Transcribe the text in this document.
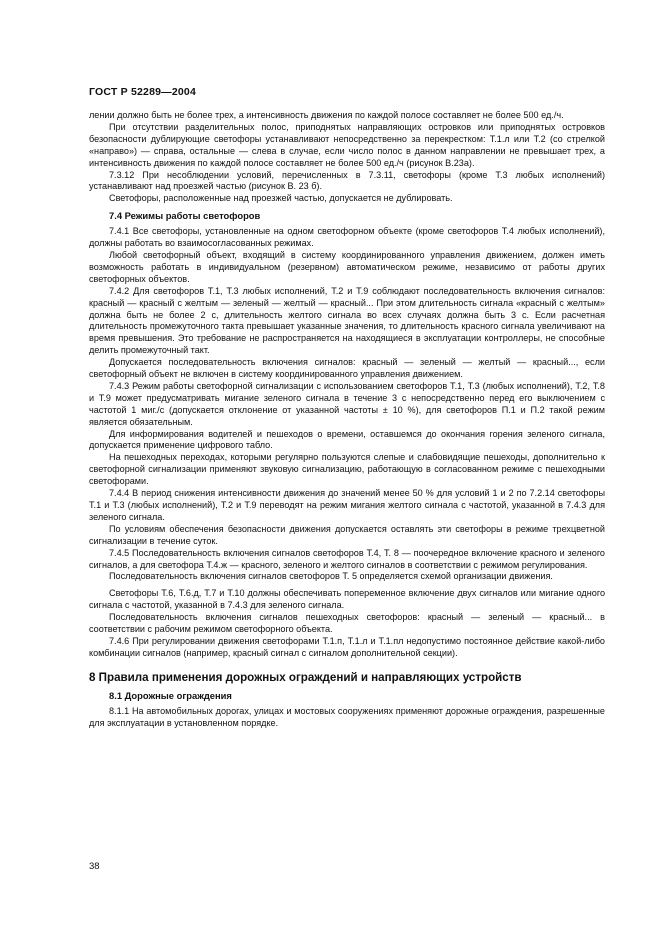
ГОСТ Р 52289—2004

лении должно быть не более трех, а интенсивность движения по каждой полосе составляет не более 500 ед./ч.

При отсутствии разделительных полос, приподнятых направляющих островков или приподнятых островков безопасности дублирующие светофоры устанавливают непосредственно за перекрестком: Т.1.л или Т.2 (со стрелкой «направо») — справа, остальные — слева в случае, если число полос в данном направлении не превышает трех, а интенсивность движения по каждой полосе составляет не более 500 ед./ч (рисунок В.23а).

7.3.12 При несоблюдении условий, перечисленных в 7.3.11, светофоры (кроме Т.3 любых исполнений) устанавливают над проезжей частью (рисунок В. 23 б).

Светофоры, расположенные над проезжей частью, допускается не дублировать.

7.4 Режимы работы светофоров

7.4.1 Все светофоры, установленные на одном светофорном объекте (кроме светофоров Т.4 любых исполнений), должны работать во взаимосогласованных режимах.

Любой светофорный объект, входящий в систему координированного управления движением, должен иметь возможность работать в индивидуальном (резервном) автоматическом режиме, независимо от работы других светофорных объектов.

7.4.2 Для светофоров Т.1, Т.3 любых исполнений, Т.2 и Т.9 соблюдают последовательность включения сигналов: красный — красный с желтым — зеленый — желтый — красный... При этом длительность сигнала «красный с желтым» должна быть не более 2 с, длительность желтого сигнала во всех случаях должна быть 3 с. Если расчетная длительность промежуточного такта превышает указанные значения, то длительность красного сигнала увеличивают на время превышения. Это требование не распространяется на находящиеся в эксплуатации контроллеры, не способные делить промежуточный такт.

Допускается последовательность включения сигналов: красный — зеленый — желтый — красный..., если светофорный объект не включен в систему координированного управления движением.

7.4.3 Режим работы светофорной сигнализации с использованием светофоров Т.1, Т.3 (любых исполнений), Т.2, Т.8 и Т.9 может предусматривать мигание зеленого сигнала в течение 3 с непосредственно перед его выключением с частотой 1 миг./с (допускается отклонение от указанной частоты ± 10 %), для светофоров П.1 и П.2 такой режим является обязательным.

Для информирования водителей и пешеходов о времени, оставшемся до окончания горения зеленого сигнала, допускается применение цифрового табло.

На пешеходных переходах, которыми регулярно пользуются слепые и слабовидящие пешеходы, дополнительно к светофорной сигнализации применяют звуковую сигнализацию, работающую в согласованном режиме с пешеходными светофорами.

7.4.4 В период снижения интенсивности движения до значений менее 50 % для условий 1 и 2 по 7.2.14 светофоры Т.1 и Т.3 (любых исполнений), Т.2 и Т.9 переводят на режим мигания желтого сигнала с частотой, указанной в 7.4.3 для зеленого сигнала.

По условиям обеспечения безопасности движения допускается оставлять эти светофоры в режиме трехцветной сигнализации в течение суток.

7.4.5 Последовательность включения сигналов светофоров Т.4, Т. 8 — поочередное включение красного и зеленого сигналов, а для светофора Т.4.ж — красного, зеленого и желтого сигналов в соответствии с режимом регулирования.

Последовательность включения сигналов светофоров Т. 5 определяется схемой организации движения.

Светофоры Т.6, Т.6.д, Т.7 и Т.10 должны обеспечивать попеременное включение двух сигналов или мигание одного сигнала с частотой, указанной в 7.4.3 для зеленого сигнала.

Последовательность включения сигналов пешеходных светофоров: красный — зеленый — красный... в соответствии с рабочим режимом светофорного объекта.

7.4.6 При регулировании движения светофорами Т.1.п, Т.1.л и Т.1.пл недопустимо постоянное действие какой-либо комбинации сигналов (например, красный сигнал с сигналом дополнительной секции).

8 Правила применения дорожных ограждений и направляющих устройств
8.1 Дорожные ограждения

8.1.1 На автомобильных дорогах, улицах и мостовых сооружениях применяют дорожные ограждения, разрешенные для эксплуатации в установленном порядке.

38
